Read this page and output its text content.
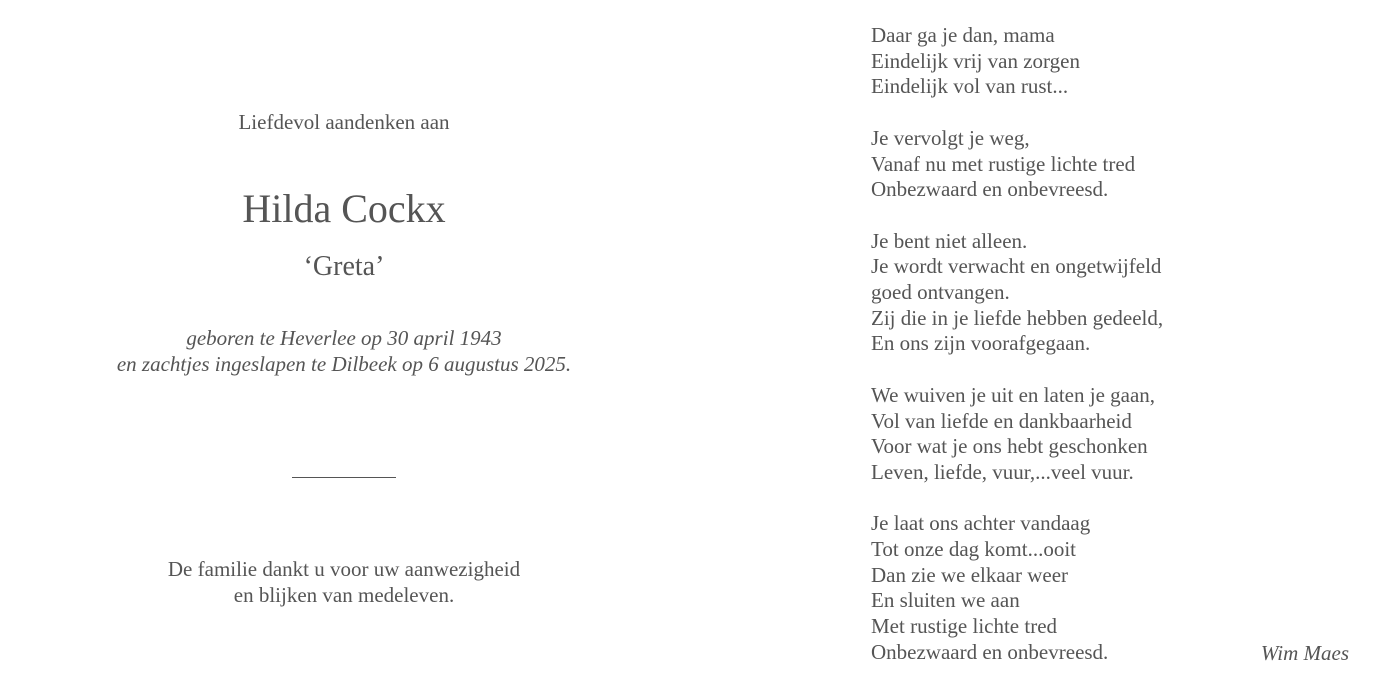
Liefdevol aandenken aan
Hilda Cockx
‘Greta’
geboren te Heverlee op 30 april 1943
en zachtjes ingeslapen te Dilbeek op 6 augustus 2025.
De familie dankt u voor uw aanwezigheid
en blijken van medeleven.
Daar ga je dan, mama
Eindelijk vrij van zorgen
Eindelijk vol van rust...
Je vervolgt je weg,
Vanaf nu met rustige lichte tred
Onbezwaard en onbevreesd.
Je bent niet alleen.
Je wordt verwacht en ongetwijfeld
goed ontvangen.
Zij die in je liefde hebben gedeeld,
En ons zijn voorafgegaan.
We wuiven je uit en laten je gaan,
Vol van liefde en dankbaarheid
Voor wat je ons hebt geschonken
Leven, liefde, vuur,...veel vuur.
Je laat ons achter vandaag
Tot onze dag komt...ooit
Dan zie we elkaar weer
En sluiten we aan
Met rustige lichte tred
Onbezwaard en onbevreesd.	Wim Maes
